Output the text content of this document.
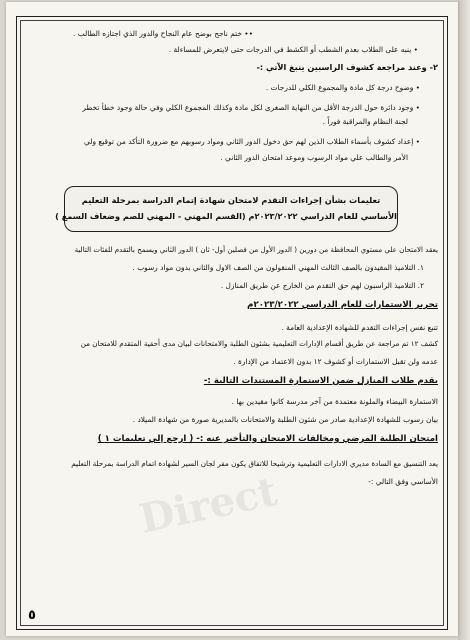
Direct
•• ختم ناجح بوضح عام النجاح والدور الذي اجتازه الطالب .
• ينبه على الطلاب بعدم الشطب أو الكشط في الدرجات حتى لايتعرض للمساءلة .
٢- وعند مراجعة كشوف الراسبين ينبغ الآتي :-
• وضوح درجة كل مادة والمجموع الكلي للدرجات .
• وجود دائرة حول الدرجة الأقل من النهاية الصغرى لكل مادة وكذلك المجموع الكلي وفي حالة وجود خطأ تخطر
لجنة النظام والمراقبة فوراً .
• إعداد كشوف بأسماء الطلاب الذين لهم حق دخول الدور الثاني ومواد رسوبهم مع ضرورة التأكد من توقيع ولي
الأمر والطالب علي مواد الرسوب وموعد امتحان الدور الثاني .
تعليمات بشأن إجراءات التقدم لامتحان شهادة إتمام الدراسة بمرحلة التعليم
الأساسي للعام الدراسي ٢٠٢٣/٢٠٢٢م (القسم المهني - المهني للصم وضعاف السمع )
يعقد الامتحان علي مستوي المحافظة من دورين ( الدور الأول من فصلين أول- ثان ) الدور الثاني ويسمح بالتقدم للفئات التالية
١. التلاميذ المقيدون بالصف الثالث المهني المنقولون من الصف الاول والثاني بدون مواد رسوب .
٢. التلاميذ الراسبون لهم حق التقدم من الخارج عن طريق المنازل .
تجرير الاستمارات للعام الدراسي ٢٠٢٣/٢٠٢٢م
تتبع نفس إجراءات التقدم للشهادة الإعدادية العامة .
كشف ١٢ تم مراجعة عن طريق أقسام الإدارات التعليمية بشئون الطلبة والامتحانات لبيان مدى أحقية المتقدم للامتحان من
عدمه ولن تقبل الاستمارات أو كشوف ١٢ بدون الاعتماد من الإدارة .
يقدم طلاب المنازل ضمن الاستمارة المستندات التالية :-
الاستمارة البيضاء والملونة معتمدة من آخر مدرسة كانوا مقيدين بها .
بيان رسوب للشهادة الإعدادية صادر من شئون الطلبة والامتحانات بالمديرية صورة من شهادة الميلاد .
امتحان الطلبة المرضي ومخالفات الامتحان والتأخير عنه :- ( ارجع إلي تعليمات ١ )
يعد التنسيق مع السادة مديري الادارات التعليمية وترشيحا للاتفاق يكون مقر لجان السير لشهادة اتمام الدراسة بمرحلة التعليم
الأساسي وفق التالي :-
٥
